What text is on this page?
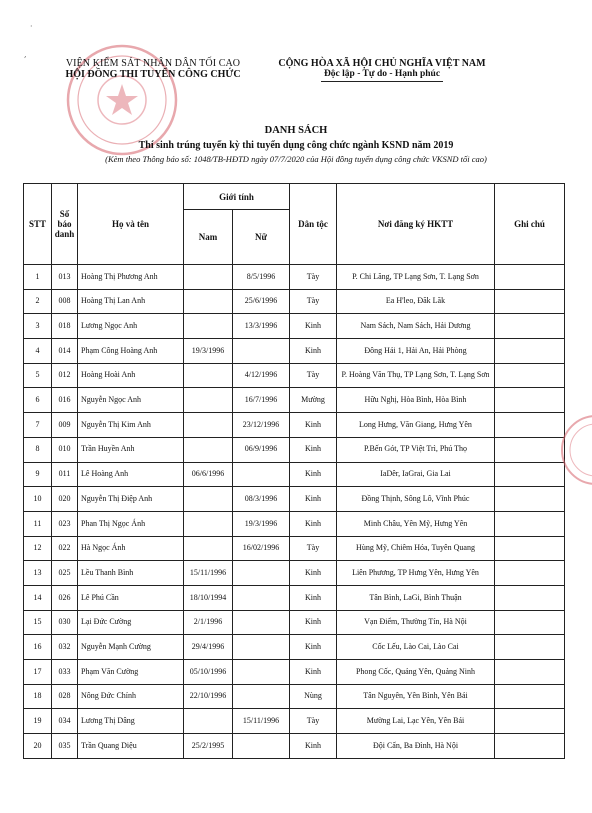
·
,
VIỆN KIỂM SÁT NHÂN DÂN TỐI CAO
HỘI ĐỒNG THI TUYỂN CÔNG CHỨC
CỘNG HÒA XÃ HỘI CHỦ NGHĨA VIỆT NAM
Độc lập - Tự do - Hạnh phúc
DANH SÁCH
Thí sinh trúng tuyển kỳ thi tuyển dụng công chức ngành KSND năm 2019
(Kèm theo Thông báo số: 1048/TB-HĐTD ngày 07/7/2020 của Hội đồng tuyển dụng công chức VKSND tối cao)
STT	Số báo danh	Họ và tên	Giới tính		Dân tộc	Nơi đăng ký HKTT	Ghi chú
			Nam	Nữ			
1	013	Hoàng Thị Phương Anh		8/5/1996	Tày	P. Chi Lăng, TP Lạng Sơn, T. Lạng Sơn	
2	008	Hoàng Thị Lan Anh		25/6/1996	Tày	Ea H'leo, Đăk Lăk	
3	018	Lương Ngọc Anh		13/3/1996	Kinh	Nam Sách, Nam Sách, Hải Dương	
4	014	Phạm Công Hoàng Anh	19/3/1996		Kinh	Đông Hải 1, Hải An, Hải Phòng	
5	012	Hoàng Hoài Anh		4/12/1996	Tày	P. Hoàng Văn Thụ, TP Lạng Sơn, T. Lạng Sơn	
6	016	Nguyễn Ngọc Anh		16/7/1996	Mường	Hữu Nghị, Hòa Bình, Hòa Bình	
7	009	Nguyễn Thị Kim Anh		23/12/1996	Kinh	Long Hưng, Văn Giang, Hưng Yên	
8	010	Trần Huyền Anh		06/9/1996	Kinh	P.Bến Gót, TP Việt Trì, Phú Thọ	
9	011	Lê Hoàng Anh	06/6/1996		Kinh	IaDêr, IaGrai, Gia Lai	
10	020	Nguyễn Thị Điệp Anh		08/3/1996	Kinh	Đồng Thịnh, Sông Lô, Vĩnh Phúc	
11	023	Phan Thị Ngọc Ánh		19/3/1996	Kinh	Minh Châu, Yên Mỹ, Hưng Yên	
12	022	Hà Ngọc Ánh		16/02/1996	Tày	Hùng Mỹ, Chiêm Hóa, Tuyên Quang	
13	025	Lều Thanh Bình	15/11/1996		Kinh	Liên Phương, TP Hưng Yên, Hưng Yên	
14	026	Lê Phú Cần	18/10/1994		Kinh	Tân Bình, LaGi, Bình Thuận	
15	030	Lại Đức Cường	2/1/1996		Kinh	Vạn Điểm, Thường Tín, Hà Nội	
16	032	Nguyễn Mạnh Cường	29/4/1996		Kinh	Cốc Lếu, Lào Cai, Lào Cai	
17	033	Phạm Văn Cường	05/10/1996		Kinh	Phong Cốc, Quảng Yên, Quảng Ninh	
18	028	Nông Đức Chính	22/10/1996		Nùng	Tân Nguyên, Yên Bình, Yên Bái	
19	034	Lương Thị Dâng		15/11/1996	Tày	Mường Lai, Lạc Yên, Yên Bái	
20	035	Trần Quang Diệu	25/2/1995		Kinh	Đội Cấn, Ba Đình, Hà Nội	
